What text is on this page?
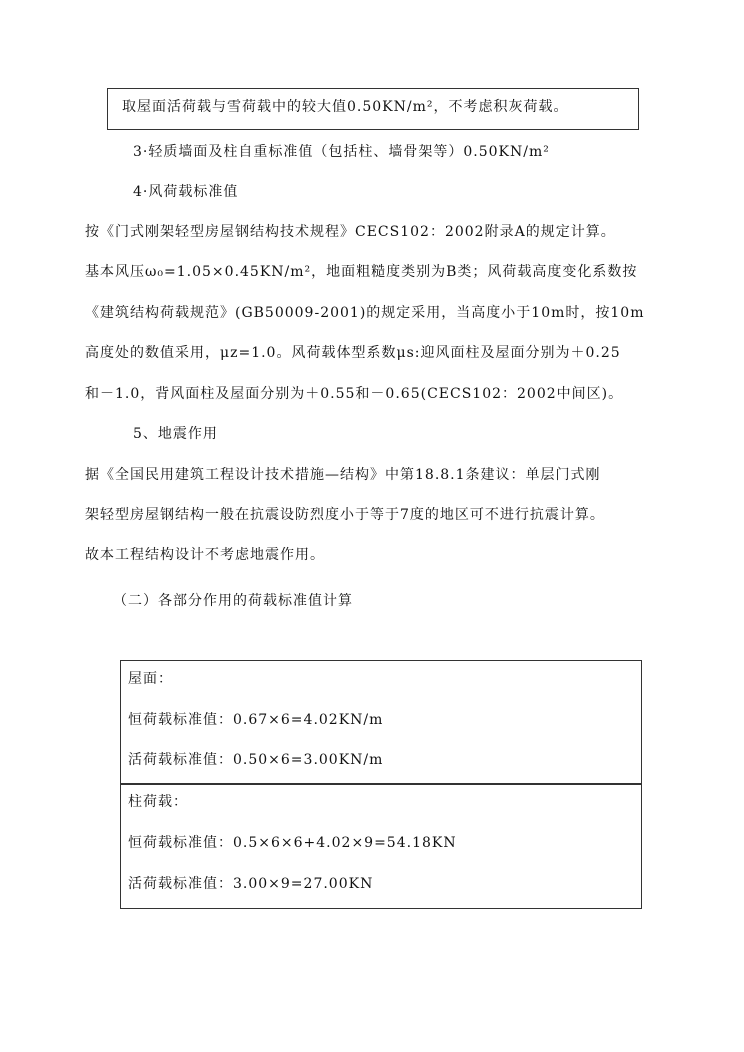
取屋面活荷载与雪荷载中的较大值0.50KN/m²，不考虑积灰荷载。
3·轻质墙面及柱自重标准值（包括柱、墙骨架等）0.50KN/m²
4·风荷载标准值
按《门式刚架轻型房屋钢结构技术规程》CECS102：2002附录A的规定计算。
基本风压ω₀=1.05×0.45KN/m²，地面粗糙度类别为B类；风荷载高度变化系数按
《建筑结构荷载规范》(GB50009-2001)的规定采用，当高度小于10m时，按10m
高度处的数值采用，μz=1.0。风荷载体型系数μs:迎风面柱及屋面分别为＋0.25
和－1.0，背风面柱及屋面分别为＋0.55和－0.65(CECS102：2002中间区)。
5、地震作用
据《全国民用建筑工程设计技术措施—结构》中第18.8.1条建议：单层门式刚
架轻型房屋钢结构一般在抗震设防烈度小于等于7度的地区可不进行抗震计算。
故本工程结构设计不考虑地震作用。
（二）各部分作用的荷载标准值计算
屋面：
恒荷载标准值：0.67×6=4.02KN/m
活荷载标准值：0.50×6=3.00KN/m
柱荷载：
恒荷载标准值：0.5×6×6+4.02×9=54.18KN
活荷载标准值：3.00×9=27.00KN
